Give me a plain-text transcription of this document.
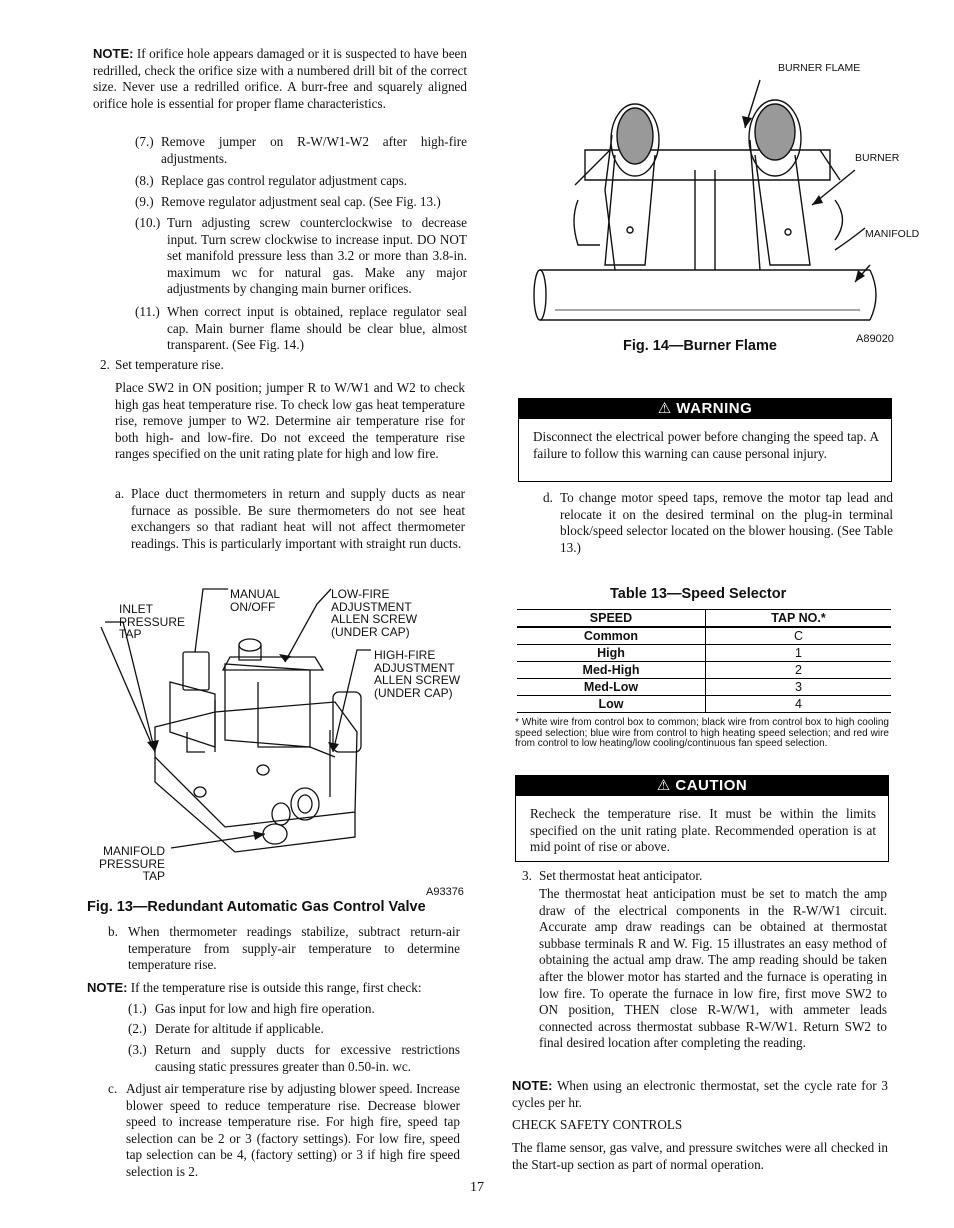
NOTE: If orifice hole appears damaged or it is suspected to have been redrilled, check the orifice size with a numbered drill bit of the correct size. Never use a redrilled orifice. A burr-free and squarely aligned orifice hole is essential for proper flame characteristics.
(7.) Remove jumper on R-W/W1-W2 after high-fire adjustments.
(8.) Replace gas control regulator adjustment caps.
(9.) Remove regulator adjustment seal cap. (See Fig. 13.)
(10.) Turn adjusting screw counterclockwise to decrease input. Turn screw clockwise to increase input. DO NOT set manifold pressure less than 3.2 or more than 3.8-in. maximum wc for natural gas. Make any major adjustments by changing main burner orifices.
(11.) When correct input is obtained, replace regulator seal cap. Main burner flame should be clear blue, almost transparent. (See Fig. 14.)
2. Set temperature rise.
Place SW2 in ON position; jumper R to W/W1 and W2 to check high gas heat temperature rise. To check low gas heat temperature rise, remove jumper to W2. Determine air temperature rise for both high- and low-fire. Do not exceed the temperature rise ranges specified on the unit rating plate for high and low fire.
a. Place duct thermometers in return and supply ducts as near furnace as possible. Be sure thermometers do not see heat exchangers so that radiant heat will not affect thermometer readings. This is particularly important with straight run ducts.
MANUAL
ON/OFF
INLET
PRESSURE
TAP
LOW-FIRE
ADJUSTMENT
ALLEN SCREW
(UNDER CAP)
HIGH-FIRE
ADJUSTMENT
ALLEN SCREW
(UNDER CAP)
MANIFOLD
PRESSURE
TAP
A93376
Fig. 13—Redundant Automatic Gas Control Valve
b. When thermometer readings stabilize, subtract return-air temperature from supply-air temperature to determine temperature rise.
NOTE: If the temperature rise is outside this range, first check:
(1.) Gas input for low and high fire operation.
(2.) Derate for altitude if applicable.
(3.) Return and supply ducts for excessive restrictions causing static pressures greater than 0.50-in. wc.
c. Adjust air temperature rise by adjusting blower speed. Increase blower speed to reduce temperature rise. Decrease blower speed to increase temperature rise. For high fire, speed tap selection can be 2 or 3 (factory settings). For low fire, speed tap selection can be 4, (factory setting) or 3 if high fire speed selection is 2.
BURNER FLAME
BURNER
MANIFOLD
Fig. 14—Burner Flame	A89020
⚠ WARNING
Disconnect the electrical power before changing the speed tap. A failure to follow this warning can cause personal injury.
d. To change motor speed taps, remove the motor tap lead and relocate it on the desired terminal on the plug-in terminal block/speed selector located on the blower housing. (See Table 13.)
Table 13—Speed Selector
SPEED	TAP NO.*
Common	C
High	1
Med-High	2
Med-Low	3
Low	4
* White wire from control box to common; black wire from control box to high cooling speed selection; blue wire from control to high heating speed selection; and red wire from control to low heating/low cooling/continuous fan speed selection.
⚠ CAUTION
Recheck the temperature rise. It must be within the limits specified on the unit rating plate. Recommended operation is at mid point of rise or above.
3. Set thermostat heat anticipator.
The thermostat heat anticipation must be set to match the amp draw of the electrical components in the R-W/W1 circuit. Accurate amp draw readings can be obtained at thermostat subbase terminals R and W. Fig. 15 illustrates an easy method of obtaining the actual amp draw. The amp reading should be taken after the blower motor has started and the furnace is operating in low fire. To operate the furnace in low fire, first move SW2 to ON position, THEN close R-W/W1, with ammeter leads connected across thermostat subbase R-W/W1. Return SW2 to final desired location after completing the reading.
NOTE: When using an electronic thermostat, set the cycle rate for 3 cycles per hr.
CHECK SAFETY CONTROLS
The flame sensor, gas valve, and pressure switches were all checked in the Start-up section as part of normal operation.
17
